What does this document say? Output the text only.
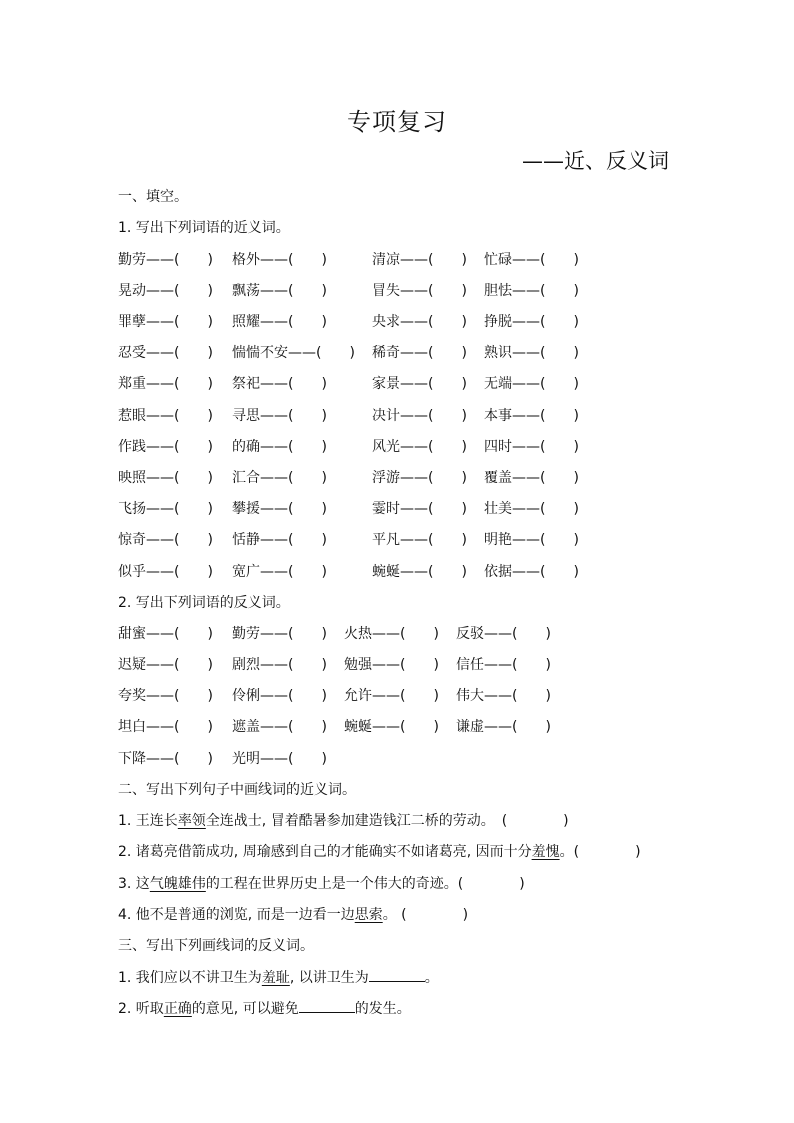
专项复习
——近、反义词
一、填空。
1. 写出下列词语的近义词。
勤劳——(　　) 格外——(　　)	清凉——(　　) 忙碌——(　　)
晃动——(　　) 飘荡——(　　)	冒失——(　　) 胆怯——(　　)
罪孽——(　　) 照耀——(　　)	央求——(　　) 挣脱——(　　)
忍受——(　　) 惴惴不安——(　　) 稀奇——(　　) 熟识——(　　)
郑重——(　　) 祭祀——(　　)	家景——(　　) 无端——(　　)
惹眼——(　　) 寻思——(　　)	决计——(　　) 本事——(　　)
作践——(　　) 的确——(　　)	风光——(　　) 四时——(　　)
映照——(　　) 汇合——(　　)	浮游——(　　) 覆盖——(　　)
飞扬——(　　) 攀援——(　　)	霎时——(　　) 壮美——(　　)
惊奇——(　　) 恬静——(　　)	平凡——(　　) 明艳——(　　)
似乎——(　　) 宽广——(　　)	蜿蜒——(　　) 依据——(　　)
2. 写出下列词语的反义词。
甜蜜——(　　) 勤劳——(　　) 火热——(　　) 反驳——(　　)
迟疑——(　　) 剧烈——(　　) 勉强——(　　) 信任——(　　)
夸奖——(　　) 伶俐——(　　) 允许——(　　) 伟大——(　　)
坦白——(　　) 遮盖——(　　) 蜿蜒——(　　) 谦虚——(　　)
下降——(　　) 光明——(　　)
二、写出下列句子中画线词的近义词。
1. 王连长率领全连战士, 冒着酷暑参加建造钱江二桥的劳动。　(　　　　)
2. 诸葛亮借箭成功, 周瑜感到自己的才能确实不如诸葛亮, 因而十分羞愧。(　　　　)
3. 这气魄雄伟的工程在世界历史上是一个伟大的奇迹。(　　　　)
4. 他不是普通的浏览, 而是一边看一边思索。 (　　　　)
三、写出下列画线词的反义词。
1. 我们应以不讲卫生为羞耻, 以讲卫生为	。
2. 听取正确的意见, 可以避免	的发生。
